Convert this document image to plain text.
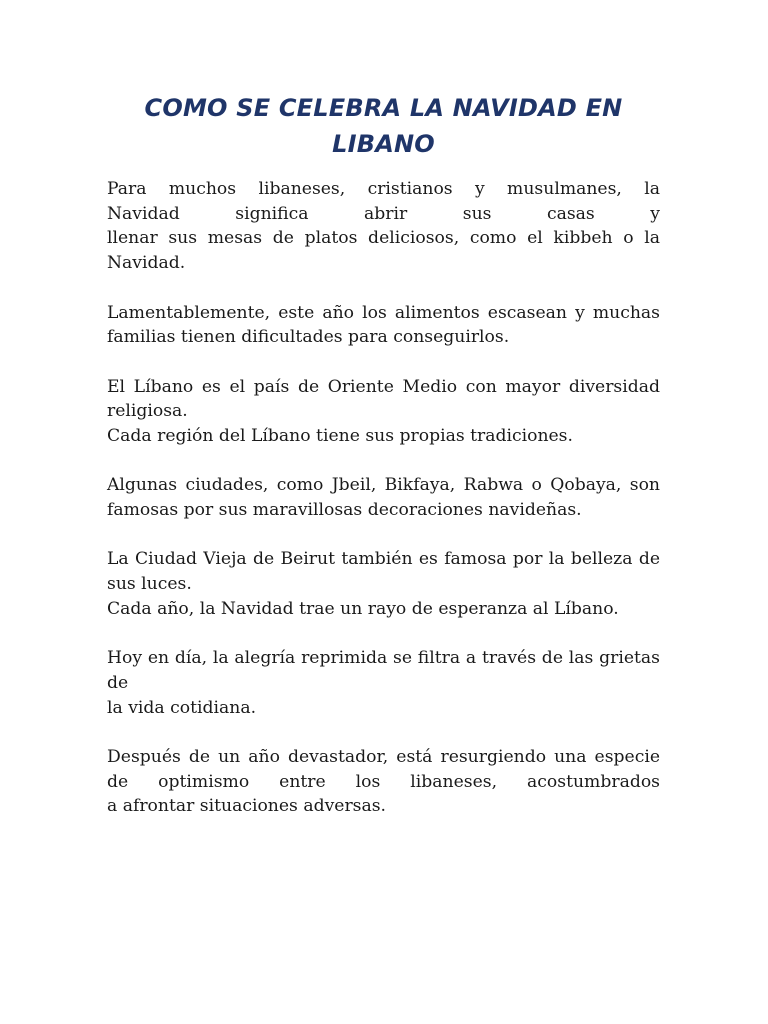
COMO SE CELEBRA LA NAVIDAD EN LIBANO

Para muchos libaneses, cristianos y musulmanes, la
Navidad significa abrir sus casas y
llenar sus mesas de platos deliciosos, como el kibbeh o la
Navidad.

Lamentablemente, este año los alimentos escasean y muchas
familias tienen dificultades para conseguirlos.

El Líbano es el país de Oriente Medio con mayor diversidad
religiosa.
Cada región del Líbano tiene sus propias tradiciones.

Algunas ciudades, como Jbeil, Bikfaya, Rabwa o Qobaya, son
famosas por sus maravillosas decoraciones navideñas.

La Ciudad Vieja de Beirut también es famosa por la belleza de
sus luces.
Cada año, la Navidad trae un rayo de esperanza al Líbano.

Hoy en día, la alegría reprimida se filtra a través de las grietas de
la vida cotidiana.

Después de un año devastador, está resurgiendo una especie
de optimismo entre los libaneses, acostumbrados
a afrontar situaciones adversas.
